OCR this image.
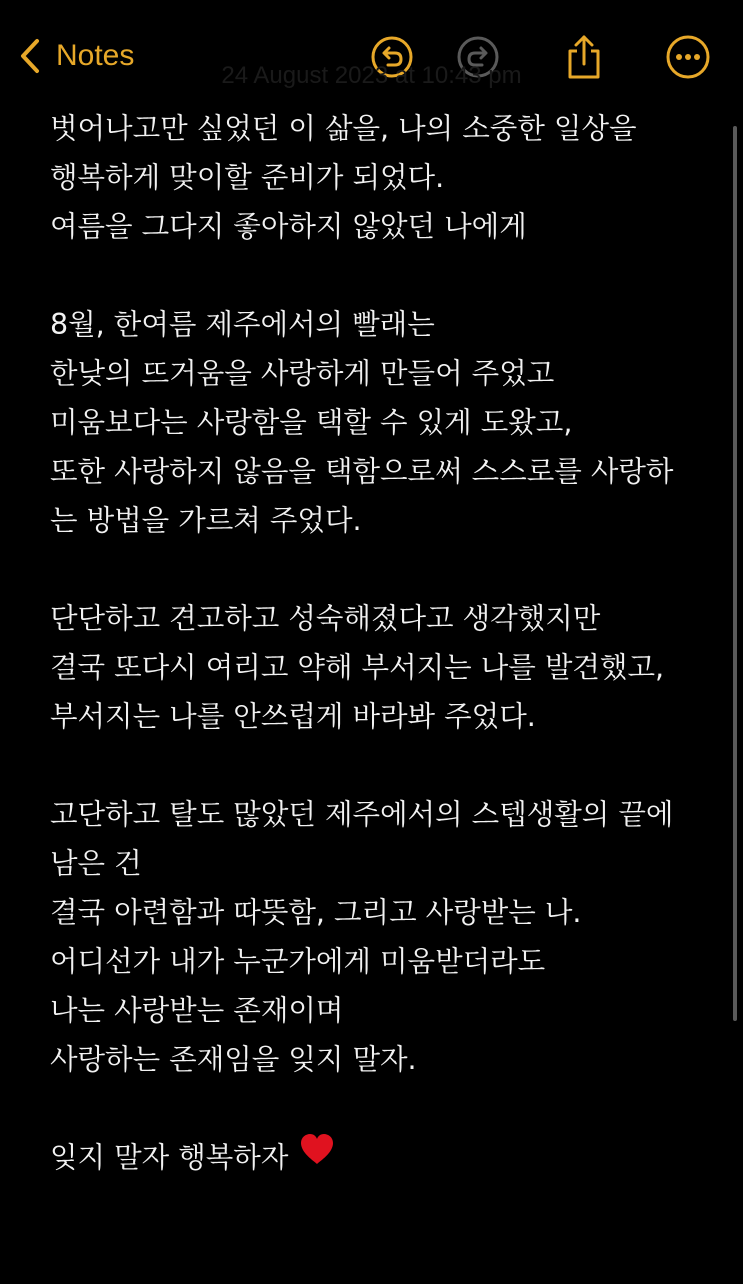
Notes
24 August 2023 at 10:43 pm
벗어나고만 싶었던 이 삶을, 나의 소중한 일상을
행복하게 맞이할 준비가 되었다.
여름을 그다지 좋아하지 않았던 나에게
8월, 한여름 제주에서의 빨래는
한낮의 뜨거움을 사랑하게 만들어 주었고
미움보다는 사랑함을 택할 수 있게 도왔고,
또한 사랑하지 않음을 택함으로써 스스로를 사랑하
는 방법을 가르쳐 주었다.
단단하고 견고하고 성숙해졌다고 생각했지만
결국 또다시 여리고 약해 부서지는 나를 발견했고,
부서지는 나를 안쓰럽게 바라봐 주었다.
고단하고 탈도 많았던 제주에서의 스텝생활의 끝에
남은 건
결국 아련함과 따뜻함, 그리고 사랑받는 나.
어디선가 내가 누군가에게 미움받더라도
나는 사랑받는 존재이며
사랑하는 존재임을 잊지 말자.
잊지 말자 행복하자
